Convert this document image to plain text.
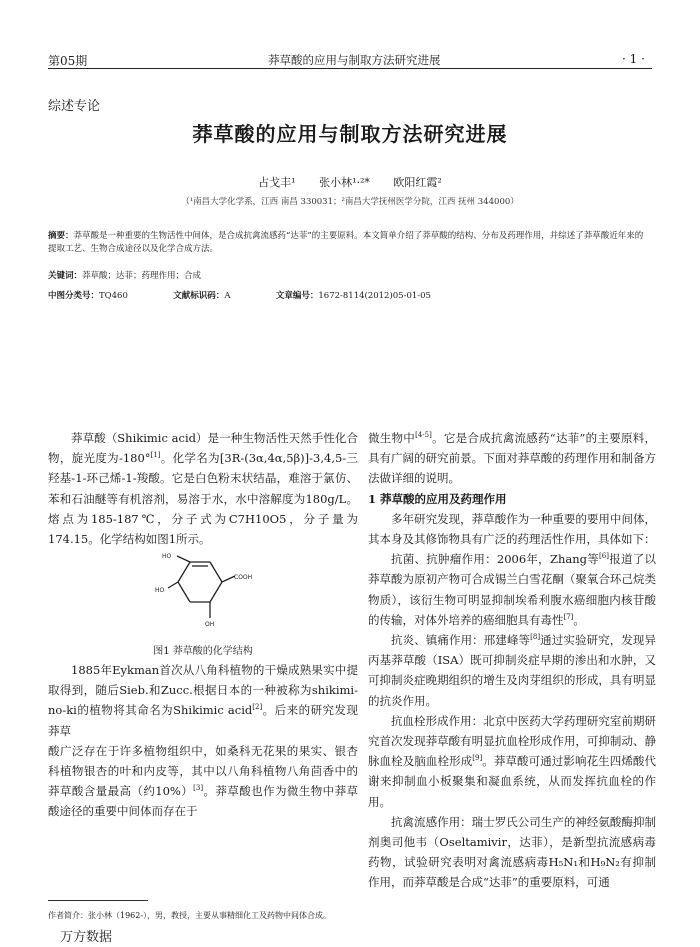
第05期	莽草酸的应用与制取方法研究进展	· 1 ·
综述专论
莽草酸的应用与制取方法研究进展
占戈丰¹ 张小林¹·²* 欧阳红霞²
（¹南昌大学化学系，江西 南昌 330031；²南昌大学抚州医学分院，江西 抚州 344000）
摘要：莽草酸是一种重要的生物活性中间体，是合成抗禽流感药“达菲”的主要原料。本文简单介绍了莽草酸的结构、分布及药理作用，并综述了莽草酸近年来的提取工艺、生物合成途径以及化学合成方法。
关键词：莽草酸；达菲；药理作用；合成
中图分类号：TQ460	文献标识码：A	文章编号：1672-8114(2012)05-01-05

莽草酸（Shikimic acid）是一种生物活性天然手性化合物，旋光度为-180°[1]。化学名为[3R-(3α,4α,5β)]-3,4,5-三羟基-1-环己烯-1-羧酸。它是白色粉末状结晶，难溶于氯仿、苯和石油醚等有机溶剂，易溶于水，水中溶解度为180g/L。熔点为185-187℃，分子式为C7H10O5，分子量为174.15。化学结构如图1所示。

COOH
HO
HO
OH
图1 莽草酸的化学结构

1885年Eykman首次从八角科植物的干燥成熟果实中提取得到，随后Sieb.和Zucc.根据日本的一种被称为shikimi-no-ki的植物将其命名为Shikimic acid[2]。后来的研究发现莽草

酸广泛存在于许多植物组织中，如桑科无花果的果实、银杏科植物银杏的叶和内皮等，其中以八角科植物八角茴香中的莽草酸含量最高（约10%）[3]。莽草酸也作为微生物中莽草酸途径的重要中间体而存在于

微生物中[4-5]。它是合成抗禽流感药“达菲”的主要原料，具有广阔的研究前景。下面对莽草酸的药理作用和制备方法做详细的说明。

1 莽草酸的应用及药理作用

多年研究发现，莽草酸作为一种重要的要用中间体，其本身及其修饰物具有广泛的药理活性作用，具体如下：

抗菌、抗肿瘤作用：2006年，Zhang等[6]报道了以莽草酸为原初产物可合成锡兰白雪花酮（聚氧合环己烷类物质），该衍生物可明显抑制埃希利腹水癌细胞内核苷酸的传输，对体外培养的癌细胞具有毒性[7]。

抗炎、镇痛作用：邢建峰等[8]通过实验研究，发现异丙基莽草酸（ISA）既可抑制炎症早期的渗出和水肿，又可抑制炎症晚期组织的增生及肉芽组织的形成，具有明显的抗炎作用。

抗血栓形成作用：北京中医药大学药理研究室前期研究首次发现莽草酸有明显抗血栓形成作用，可抑制动、静脉血栓及脑血栓形成[9]。莽草酸可通过影响花生四烯酸代谢来抑制血小板聚集和凝血系统，从而发挥抗血栓的作用。

抗禽流感作用：瑞士罗氏公司生产的神经氨酸酶抑制剂奥司他韦（Oseltamivir，达菲），是新型抗流感病毒药物，试验研究表明对禽流感病毒H₅N₁和H₉N₂有抑制作用，而莽草酸是合成“达菲”的重要原料，可通

作者简介：张小林（1962-），男，教授，主要从事精细化工及药物中间体合成。
万方数据
